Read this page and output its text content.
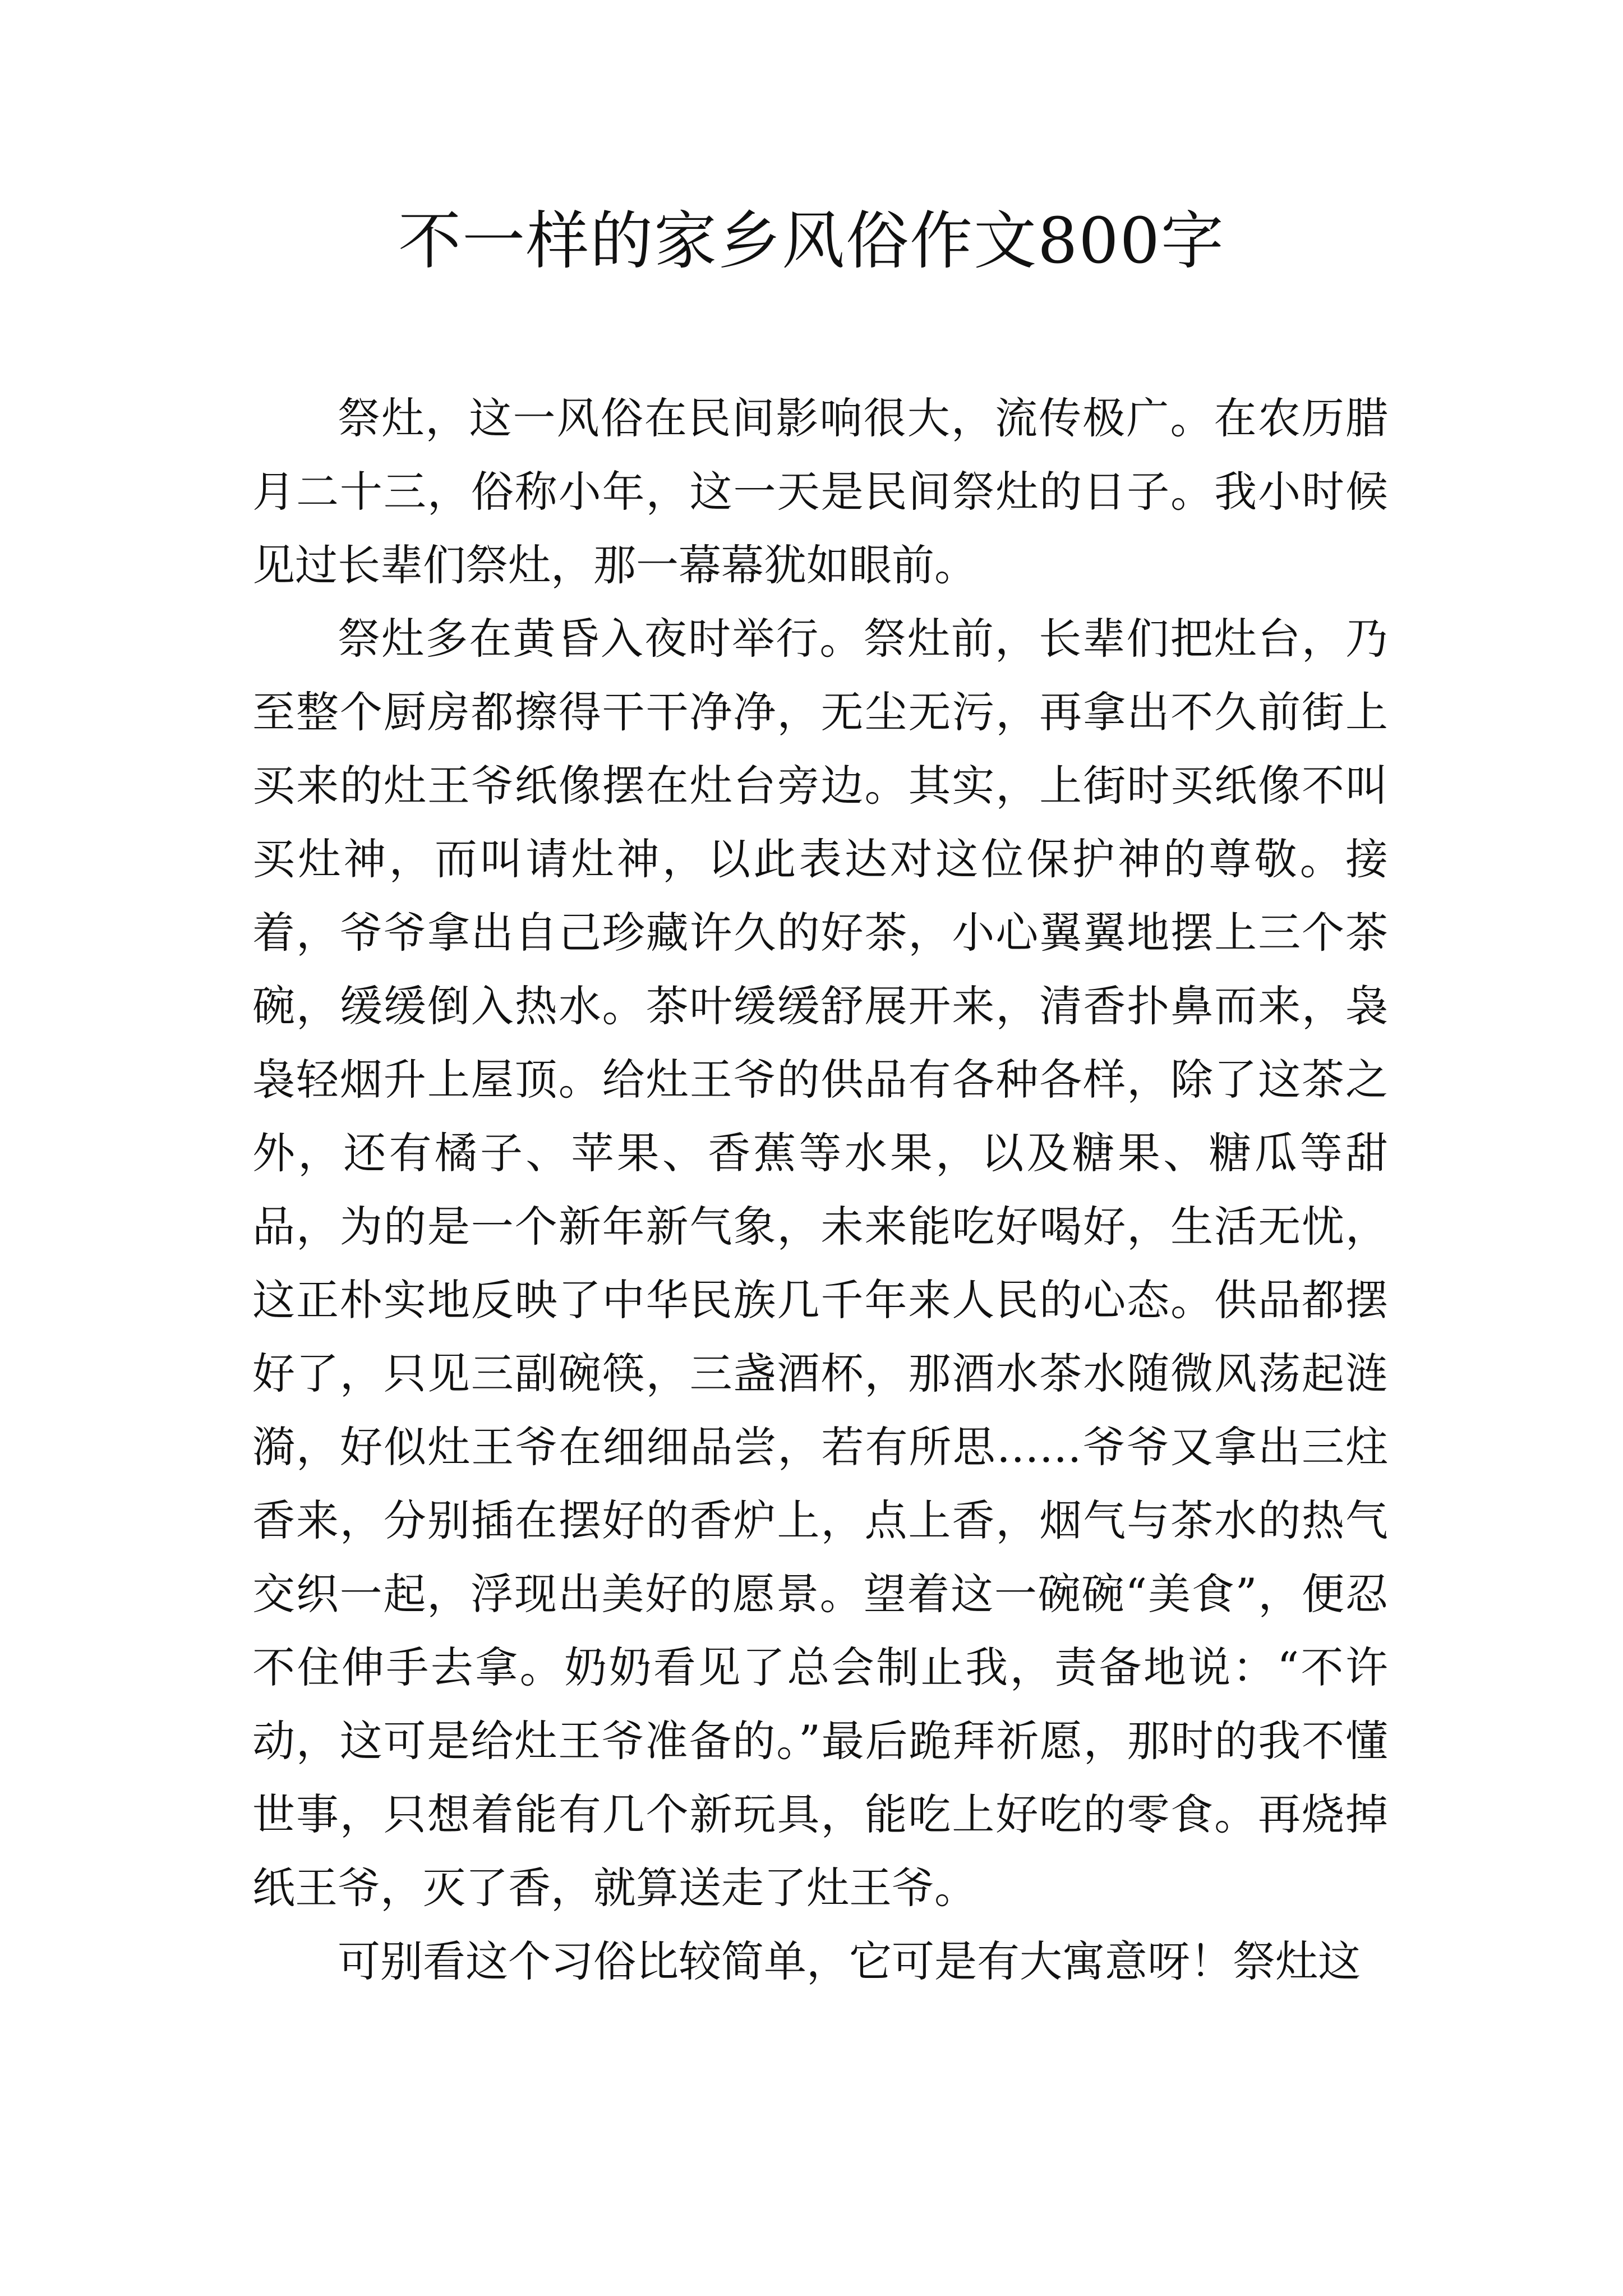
不一样的家乡风俗作文800字

祭灶，这一风俗在民间影响很大，流传极广。在农历腊月二十三，俗称小年，这一天是民间祭灶的日子。我小时候见过长辈们祭灶，那一幕幕犹如眼前。

祭灶多在黄昏入夜时举行。祭灶前，长辈们把灶台，乃至整个厨房都擦得干干净净，无尘无污，再拿出不久前街上买来的灶王爷纸像摆在灶台旁边。其实，上街时买纸像不叫买灶神，而叫请灶神，以此表达对这位保护神的尊敬。接着，爷爷拿出自己珍藏许久的好茶，小心翼翼地摆上三个茶碗，缓缓倒入热水。茶叶缓缓舒展开来，清香扑鼻而来，袅袅轻烟升上屋顶。给灶王爷的供品有各种各样，除了这茶之外，还有橘子、苹果、香蕉等水果，以及糖果、糖瓜等甜品，为的是一个新年新气象，未来能吃好喝好，生活无忧，这正朴实地反映了中华民族几千年来人民的心态。供品都摆好了，只见三副碗筷，三盏酒杯，那酒水茶水随微风荡起涟漪，好似灶王爷在细细品尝，若有所思……爷爷又拿出三炷香来，分别插在摆好的香炉上，点上香，烟气与茶水的热气交织一起，浮现出美好的愿景。望着这一碗碗“美食”，便忍不住伸手去拿。奶奶看见了总会制止我，责备地说：“不许动，这可是给灶王爷准备的。”最后跪拜祈愿，那时的我不懂世事，只想着能有几个新玩具，能吃上好吃的零食。再烧掉纸王爷，灭了香，就算送走了灶王爷。

可别看这个习俗比较简单，它可是有大寓意呀！祭灶这
